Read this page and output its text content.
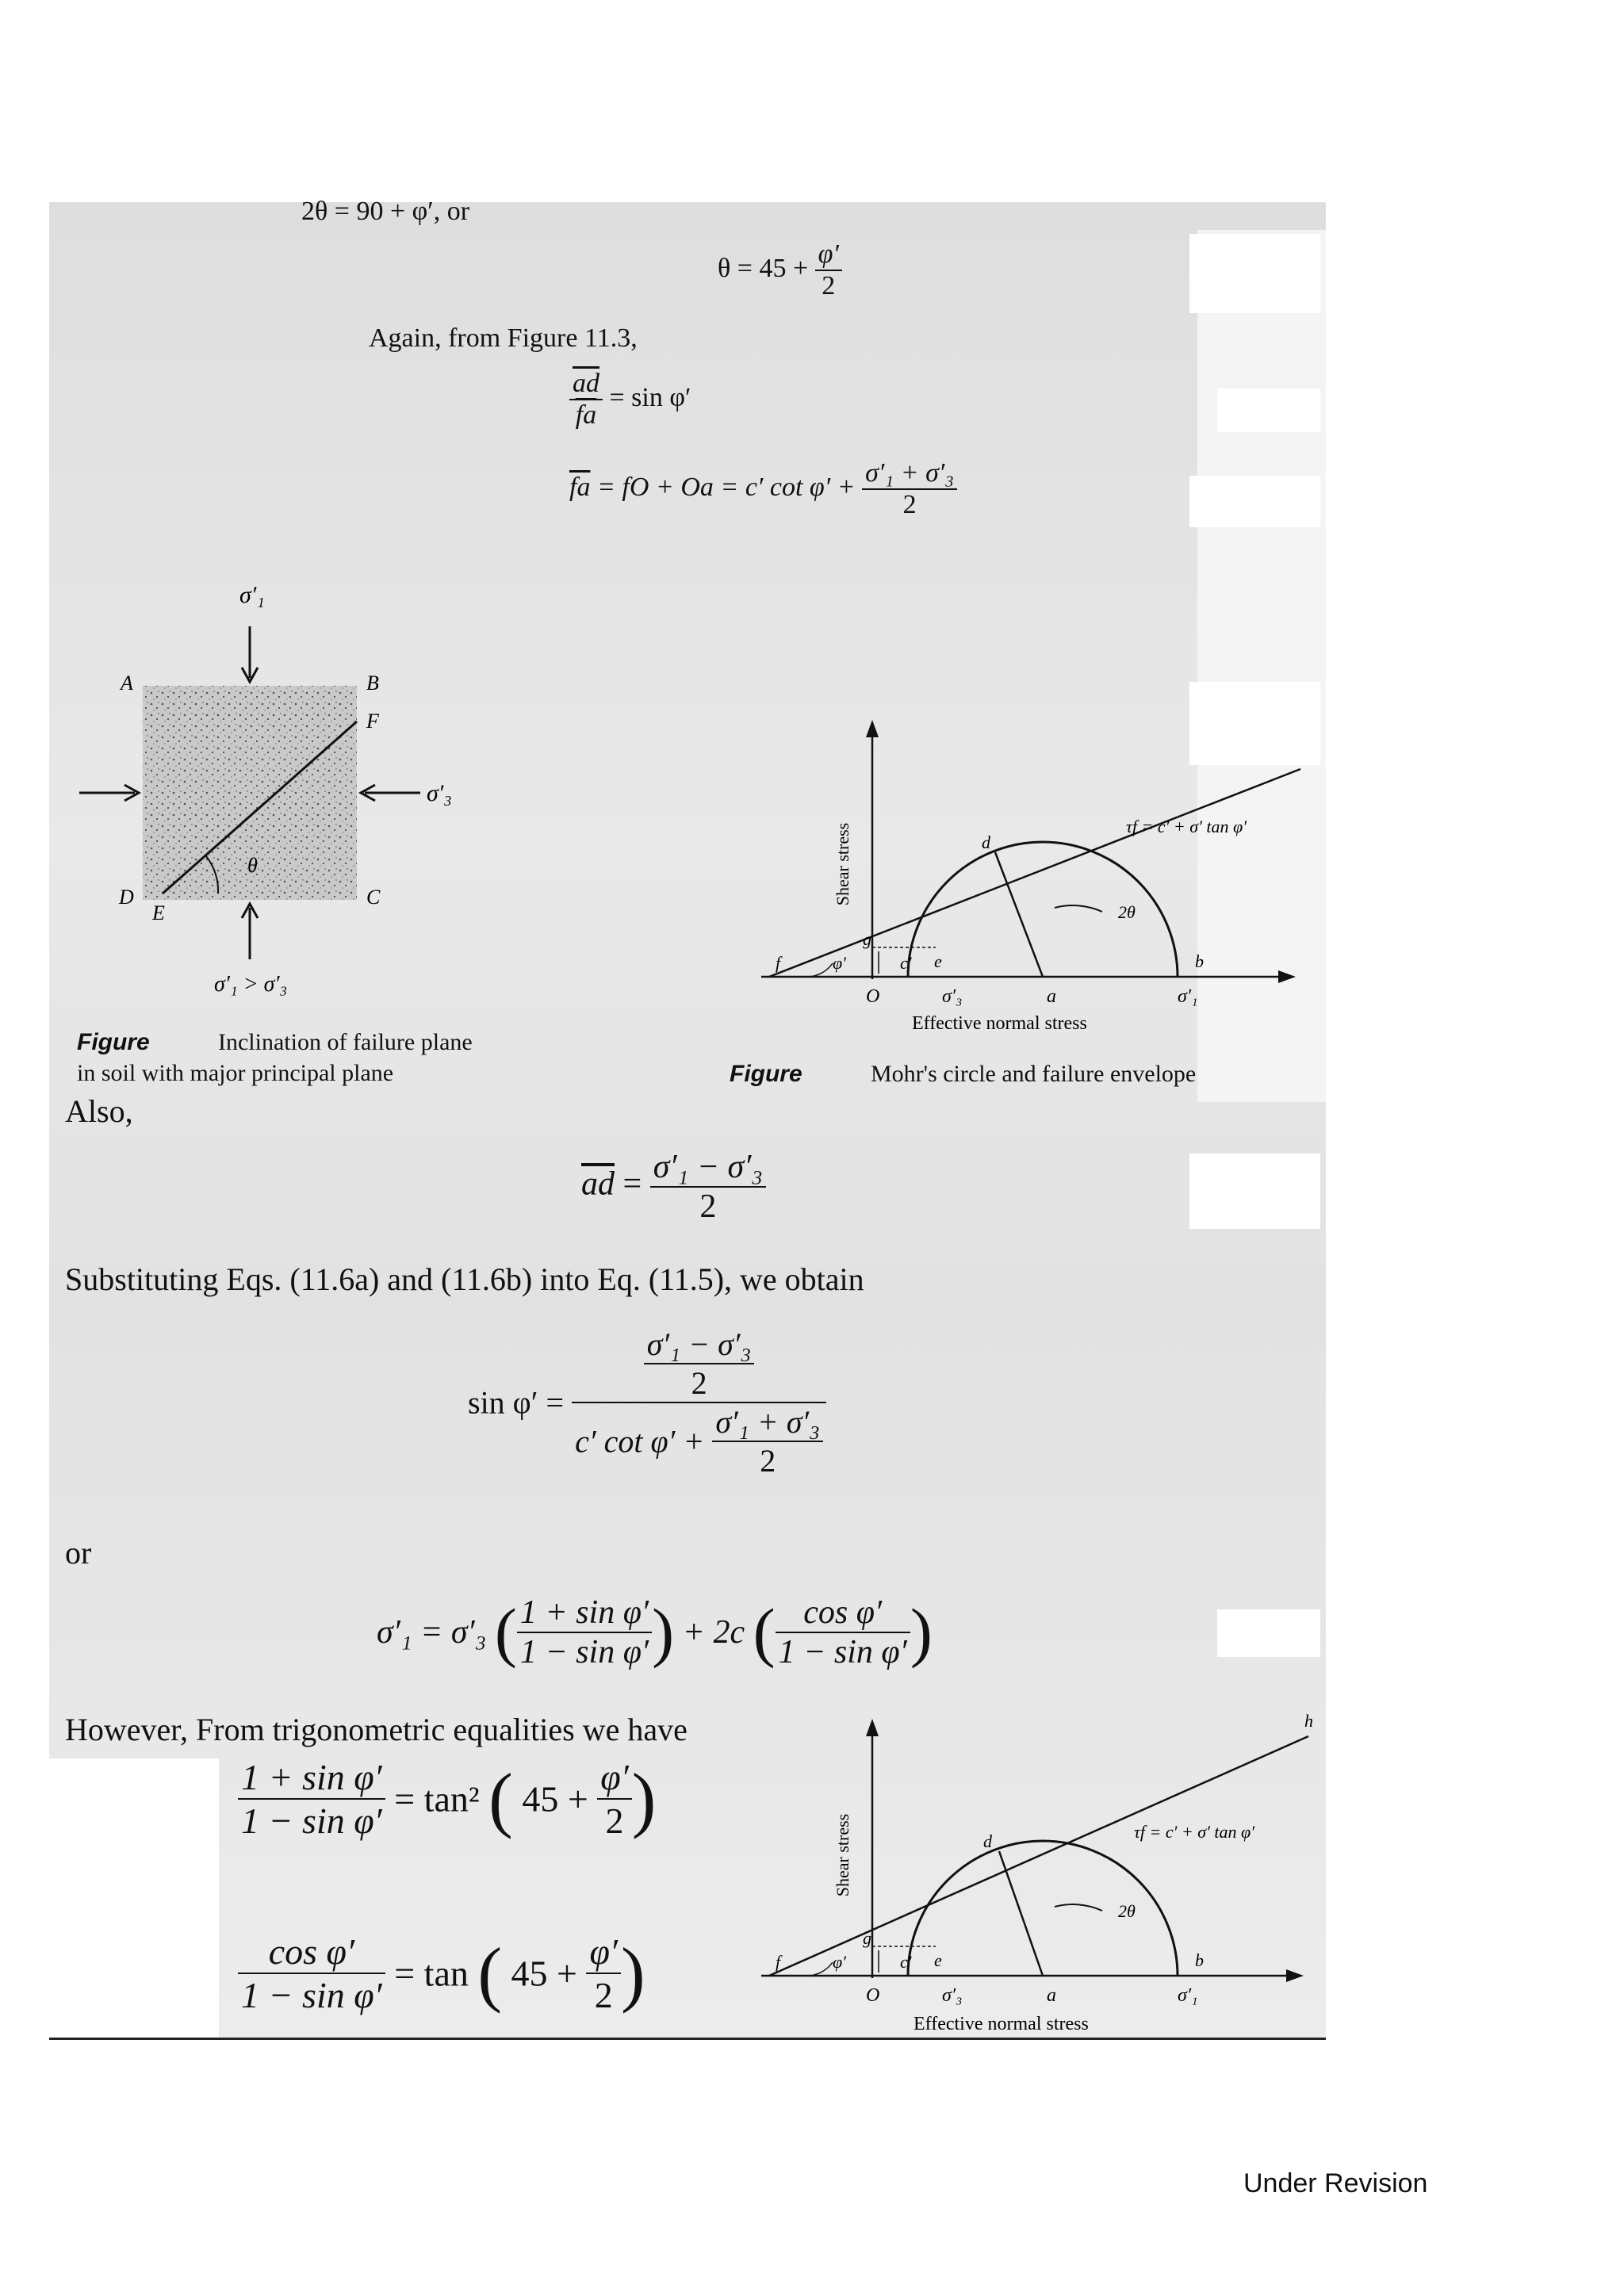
2θ = 90 + φ′, or
$\theta = 45 + \frac{\varphi'}{2}$
Again, from Figure 11.3,
$\frac{\overline{ad}}{fa} = \sin \varphi'$
$\overline{fa}$ = fO + Oa = c′ $\cot \varphi' + \frac{\text{σ′₁ + σ′₃}}{2}$
σ′₁
A	B
F
D
E
C
σ′₃
θ
σ′₁ > σ′₃
Figure	Inclination of failure plane
in soil with major principal plane
Shear stress	τf = c′ + σ′ tan φ′
d
2θ
g
c′
f	φ′	e	b
O	σ′₃	a	σ′₁
Effective normal stress
Figure	Mohr's circle and failure envelope
Also,
$\overline{ad} = \frac{\text{σ′₁ − σ′₃}}{2}$
Substituting Eqs. (11.6a) and (11.6b) into Eq. (11.5), we obtain
$\sin \varphi' = \frac{\frac{\text{σ′₁ − σ′₃}}{2}}{c' \cot \varphi' + \frac{\text{σ′₁ + σ′₃}}{2}}$
or
σ′₁ = σ′₃ ( $\frac{\text{1 + sin φ′}}{\text{1 − sin φ′}}$ ) + 2c ( $\frac{\text{cos φ′}}{\text{1 − sin φ′}}$ )
However, From trigonometric equalities we have
$\frac{\text{1 + sin φ′}}{\text{1 − sin φ′}} = \tan^2$ ( $45 + \frac{\varphi'}{2}$ )
$\frac{\text{cos φ′}}{\text{1 − sin φ′}} = \tan$ ( $45 + \frac{\varphi'}{2}$ )
h
Shear stress	τf = c′ + σ′ tan φ′
d
2θ
g
c′
f	φ′	e	b
O	σ′₃	a	σ′₁
Effective normal stress
Under Revision
